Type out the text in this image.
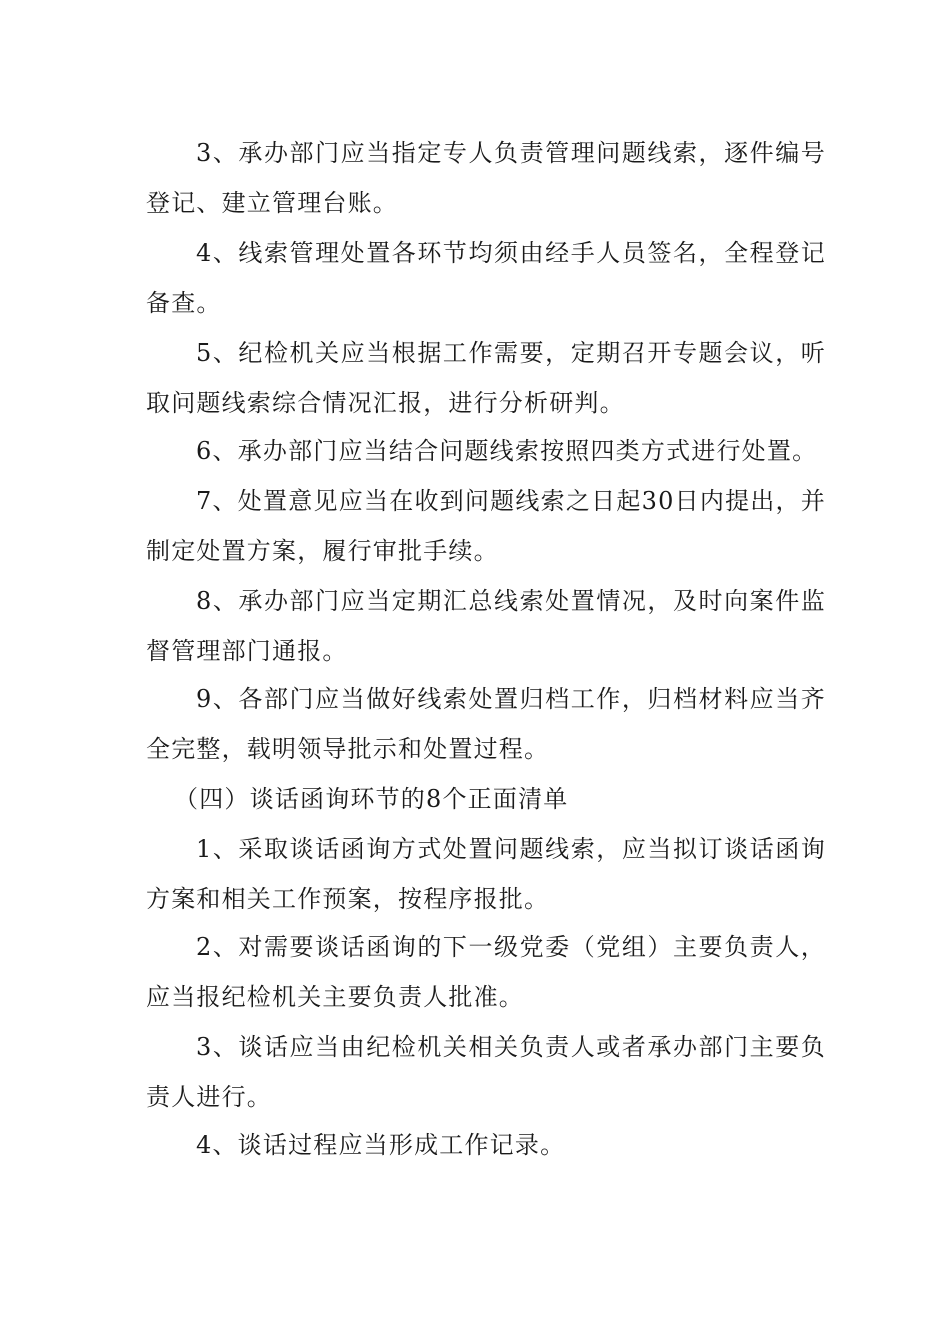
3、承办部门应当指定专人负责管理问题线索，逐件编号登记、建立管理台账。

4、线索管理处置各环节均须由经手人员签名，全程登记备查。

5、纪检机关应当根据工作需要，定期召开专题会议，听取问题线索综合情况汇报，进行分析研判。

6、承办部门应当结合问题线索按照四类方式进行处置。

7、处置意见应当在收到问题线索之日起30日内提出，并制定处置方案，履行审批手续。

8、承办部门应当定期汇总线索处置情况，及时向案件监督管理部门通报。

9、各部门应当做好线索处置归档工作，归档材料应当齐全完整，载明领导批示和处置过程。

（四）谈话函询环节的8个正面清单

1、采取谈话函询方式处置问题线索，应当拟订谈话函询方案和相关工作预案，按程序报批。

2、对需要谈话函询的下一级党委（党组）主要负责人，应当报纪检机关主要负责人批准。

3、谈话应当由纪检机关相关负责人或者承办部门主要负责人进行。

4、谈话过程应当形成工作记录。
